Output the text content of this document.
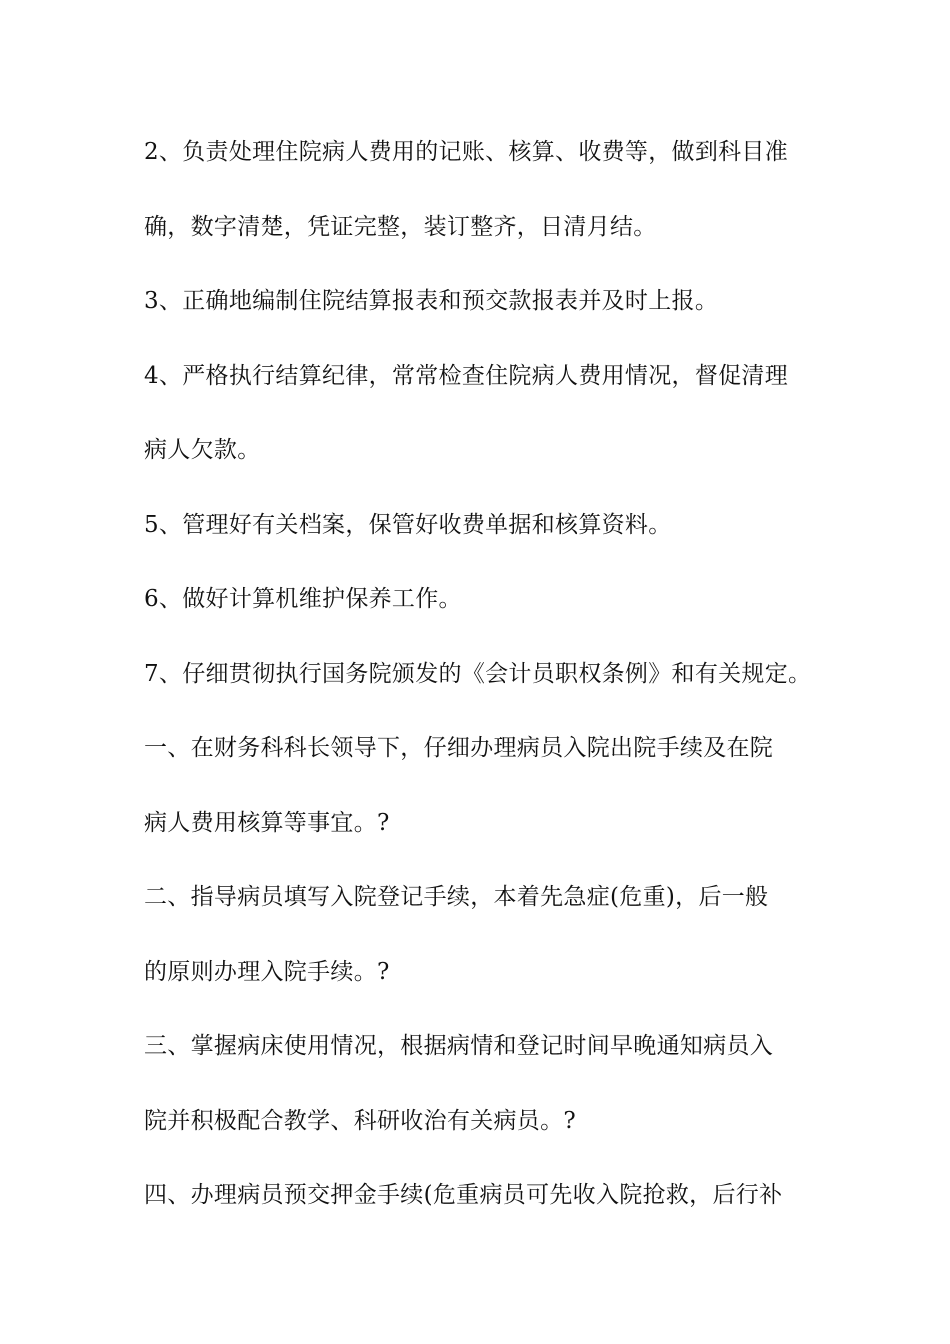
2、负责处理住院病人费用的记账、核算、收费等，做到科目准
确，数字清楚，凭证完整，装订整齐，日清月结。
3、正确地编制住院结算报表和预交款报表并及时上报。
4、严格执行结算纪律，常常检查住院病人费用情况，督促清理
病人欠款。
5、管理好有关档案，保管好收费单据和核算资料。
6、做好计算机维护保养工作。
7、仔细贯彻执行国务院颁发的《会计员职权条例》和有关规定。
一、在财务科科长领导下，仔细办理病员入院出院手续及在院
病人费用核算等事宜。?
二、指导病员填写入院登记手续，本着先急症(危重)，后一般
的原则办理入院手续。?
三、掌握病床使用情况，根据病情和登记时间早晚通知病员入
院并积极配合教学、科研收治有关病员。?
四、办理病员预交押金手续(危重病员可先收入院抢救，后行补
